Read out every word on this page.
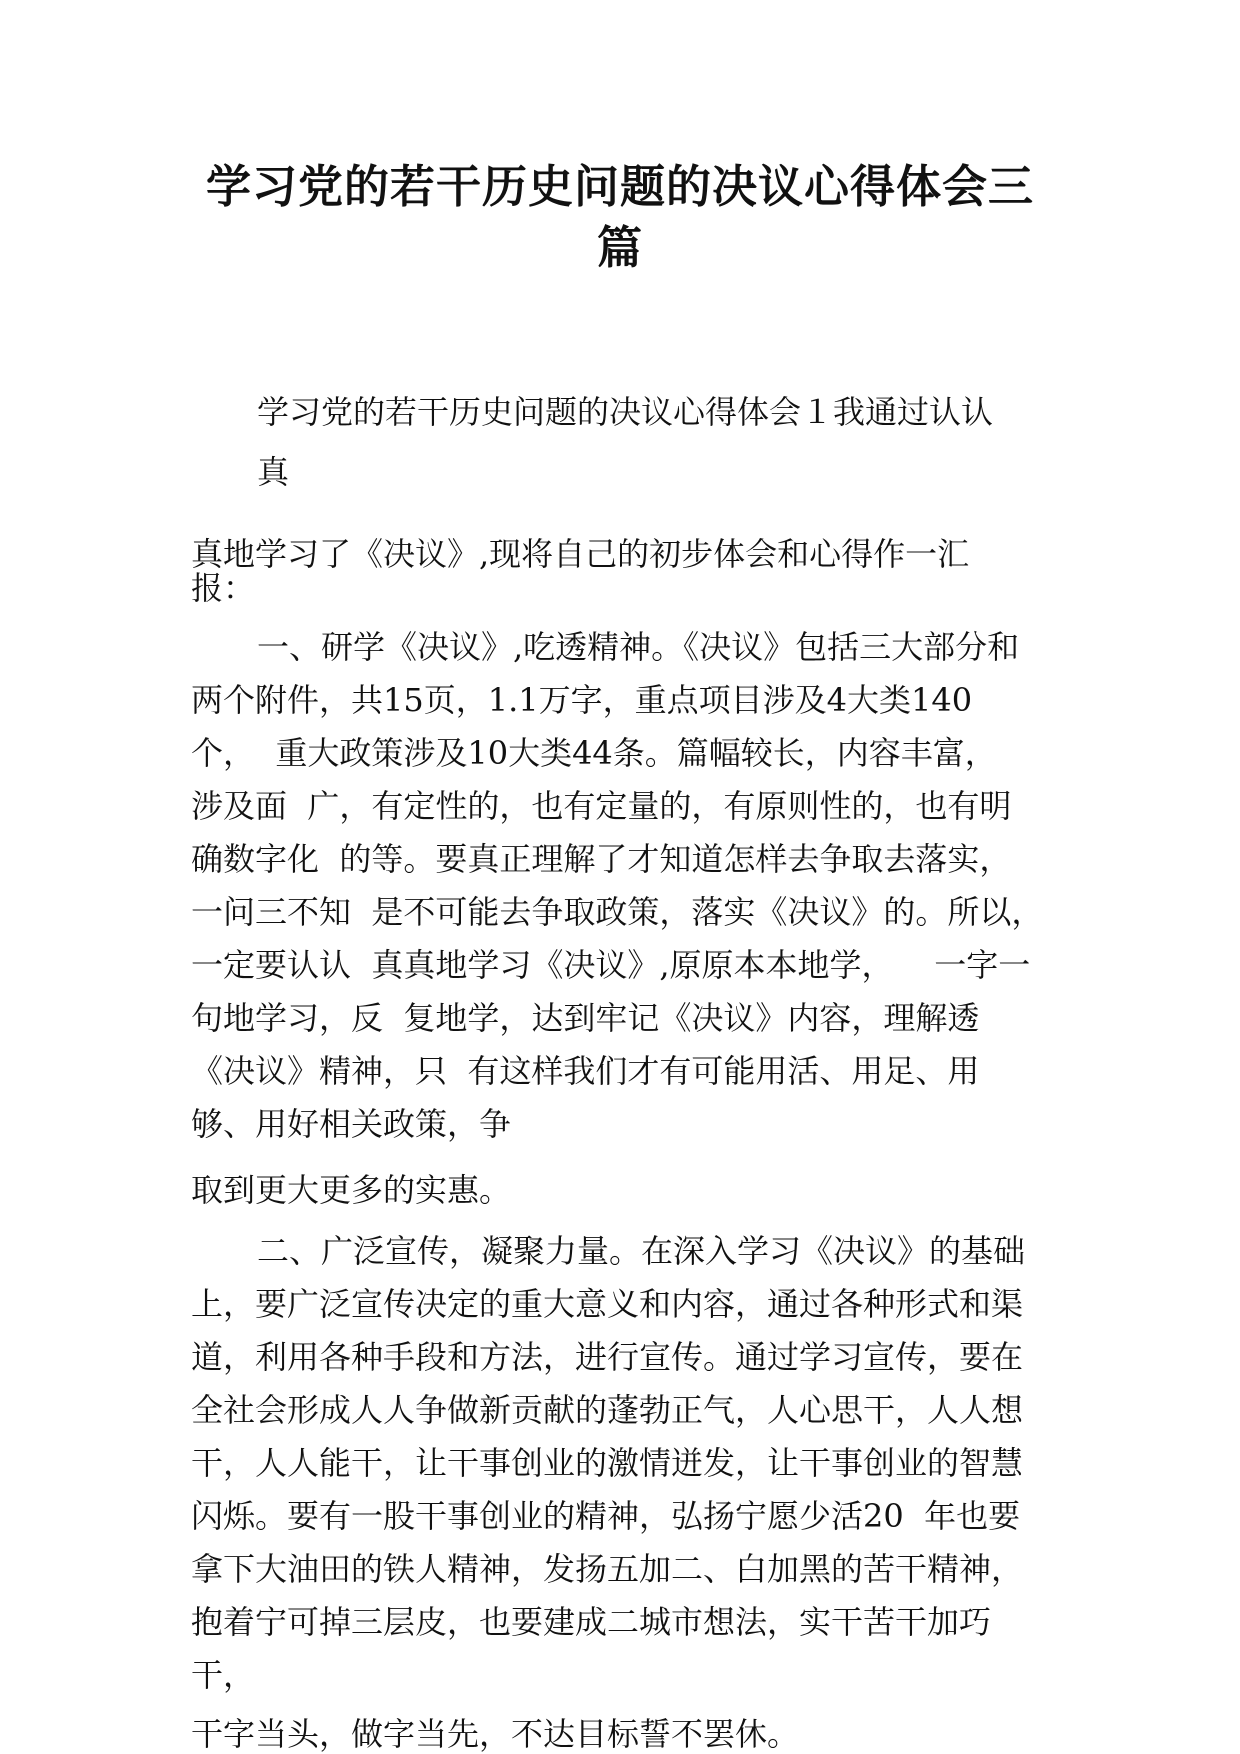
学习党的若干历史问题的决议心得体会三
篇

学习党的若干历史问题的决议心得体会１我通过认认

真

真地学习了《决议》,现将自己的初步体会和心得作一汇

报：

一、研学《决议》,吃透精神。《决议》包括三大部分和

两个附件，共15页，1.1万字，重点项目涉及4大类140

个，  重大政策涉及10大类44条。篇幅较长，内容丰富，

涉及面  广，有定性的，也有定量的，有原则性的，也有明

确数字化  的等。要真正理解了才知道怎样去争取去落实，

一问三不知  是不可能去争取政策，落实《决议》的。所以，

一定要认认  真真地学习《决议》,原原本本地学，    一字一

句地学习，反  复地学，达到牢记《决议》内容，理解透

《决议》精神，只  有这样我们才有可能用活、用足、用

够、用好相关政策，争

取到更大更多的实惠。

二、广泛宣传，凝聚力量。在深入学习《决议》的基础

上，要广泛宣传决定的重大意义和内容，通过各种形式和渠

道，利用各种手段和方法，进行宣传。通过学习宣传，要在

全社会形成人人争做新贡献的蓬勃正气，人心思干，人人想

干，人人能干，让干事创业的激情迸发，让干事创业的智慧

闪烁。要有一股干事创业的精神，弘扬宁愿少活20  年也要

拿下大油田的铁人精神，发扬五加二、白加黑的苦干精神，

抱着宁可掉三层皮，也要建成二城市想法，实干苦干加巧

干，

干字当头，做字当先，不达目标誓不罢休。
